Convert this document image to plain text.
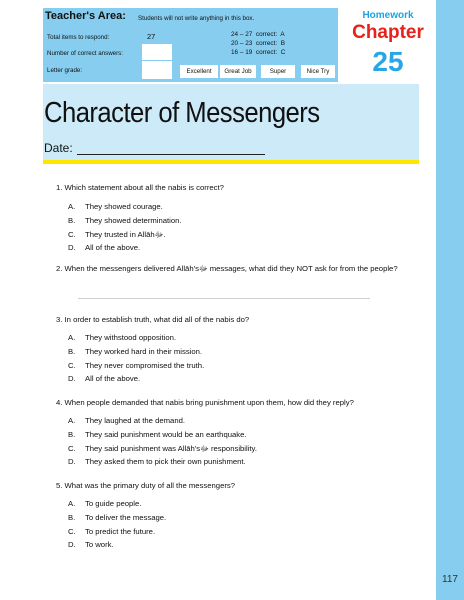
117
Teacher's Area: Students will not write anything in this box.
Total items to respond:	27
Number of correct answers:
Letter grade:
24 – 27  correct:  A
20 – 23  correct:  B
16 – 19  correct:  C
Excellent	Great Job	Super	Nice Try
Homework
Chapter
25
Character of Messengers
Date:
1. Which statement about all the nabis is correct?
A. They showed courage.
B. They showed determination.
C. They trusted in Allāhﷻ.
D. All of the above.
2. When the messengers delivered Allāh'sﷻ messages, what did they NOT ask for from the people?
3. In order to establish truth, what did all of the nabis do?
A. They withstood opposition.
B. They worked hard in their mission.
C. They never compromised the truth.
D. All of the above.
4. When people demanded that nabis bring punishment upon them, how did they reply?
A. They laughed at the demand.
B. They said punishment would be an earthquake.
C. They said punishment was Allāh'sﷻ responsibility.
D. They asked them to pick their own punishment.
5. What was the primary duty of all the messengers?
A. To guide people.
B. To deliver the message.
C. To predict the future.
D. To work.
